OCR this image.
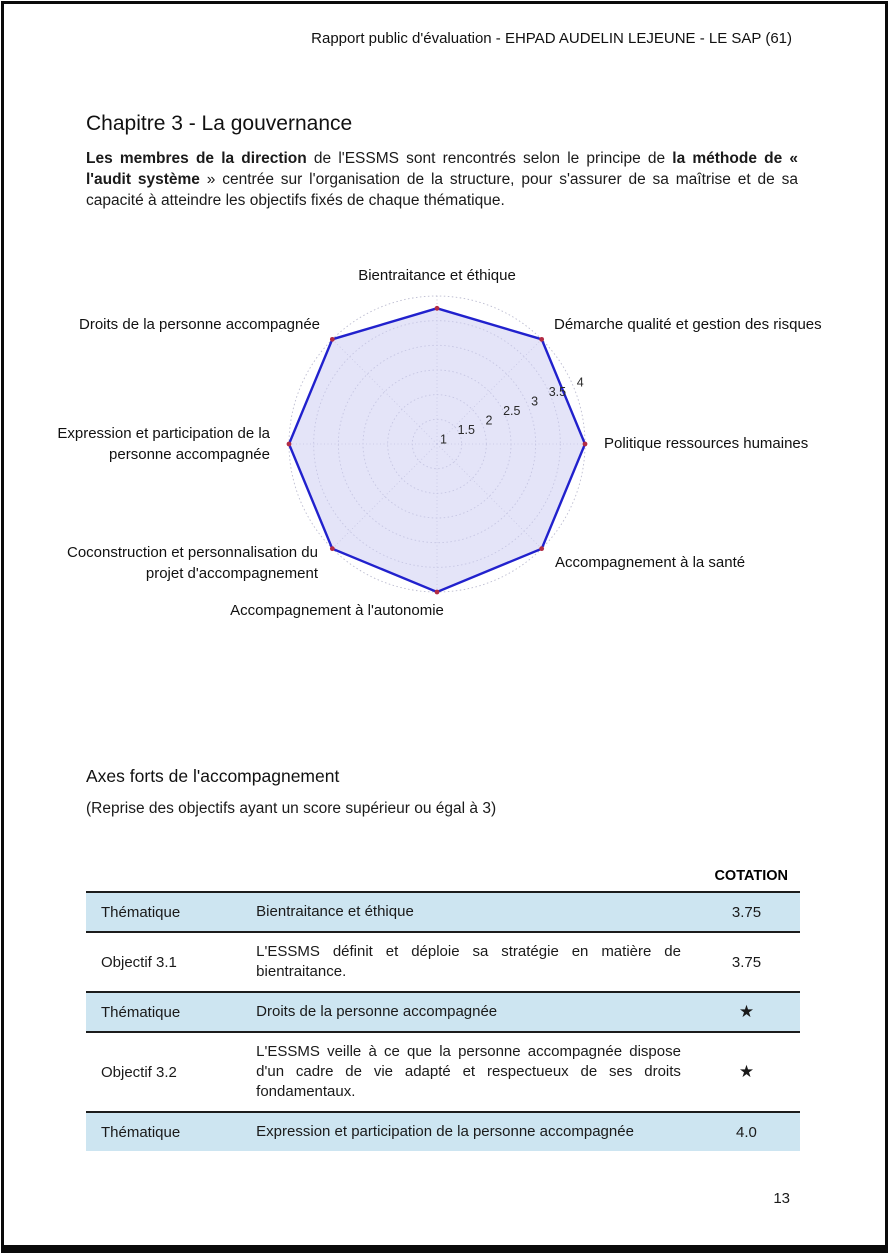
Rapport public d'évaluation - EHPAD AUDELIN LEJEUNE - LE SAP (61)
Chapitre 3 - La gouvernance

Les membres de la direction de l'ESSMS sont rencontrés selon le principe de la méthode de « l'audit système » centrée sur l'organisation de la structure, pour s'assurer de sa maîtrise et de sa capacité à atteindre les objectifs fixés de chaque thématique.

1
1.5
2
2.5
3
3.5
4
Bientraitance et éthique
Démarche qualité et gestion des risques
Politique ressources humaines
Accompagnement à la santé
Accompagnement à l'autonomie
Coconstruction et personnalisation du
projet d'accompagnement
Expression et participation de la
personne accompagnée
Droits de la personne accompagnée
Axes forts de l'accompagnement
(Reprise des objectifs ayant un score supérieur ou égal à 3)
COTATION
Thématique	Bientraitance et éthique	3.75
Objectif 3.1	L'ESSMS définit et déploie sa stratégie en matière de bientraitance.	3.75
Thématique	Droits de la personne accompagnée	★
Objectif 3.2	L'ESSMS veille à ce que la personne accompagnée dispose d'un cadre de vie adapté et respectueux de ses droits fondamentaux.	★
Thématique	Expression et participation de la personne accompagnée	4.0
13
